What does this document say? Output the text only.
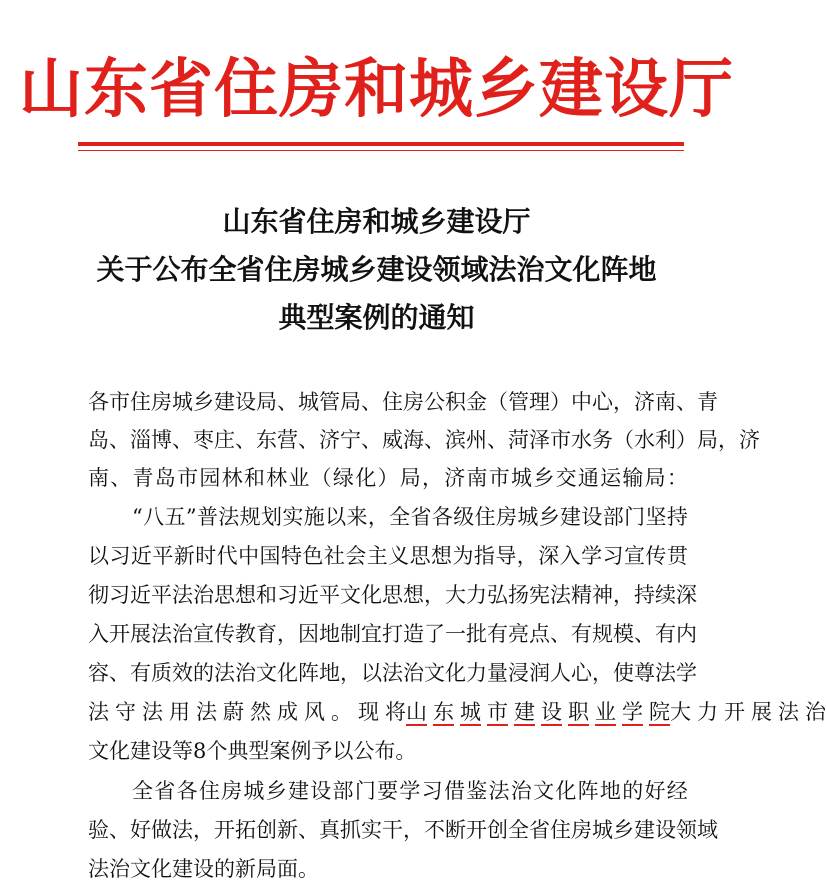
山东省住房和城乡建设厅
山东省住房和城乡建设厅
关于公布全省住房城乡建设领域法治文化阵地
典型案例的通知
各 市 住 房 城 乡 建 设 局 、 城 管 局 、 住 房 公 积 金 （ 管 理 ） 中 心 ， 济 南 、 青
岛 、 淄 博 、 枣 庄 、 东 营 、 济 宁 、 威 海 、 滨 州 、 菏 泽 市 水 务 （ 水 利 ） 局 ， 济
南 、 青 岛 市 园 林 和 林 业 （ 绿 化 ） 局 ， 济 南 市 城 乡 交 通 运 输 局 ：
“ 八 五 ” 普 法 规 划 实 施 以 来 ， 全 省 各 级 住 房 城 乡 建 设 部 门 坚 持
以 习 近 平 新 时 代 中 国 特 色 社 会 主 义 思 想 为 指 导 ， 深 入 学 习 宣 传 贯
彻 习 近 平 法 治 思 想 和 习 近 平 文 化 思 想 ， 大 力 弘 扬 宪 法 精 神 ， 持 续 深
入 开 展 法 治 宣 传 教 育 ， 因 地 制 宜 打 造 了 一 批 有 亮 点 、 有 规 模 、 有 内
容 、 有 质 效 的 法 治 文 化 阵 地 ， 以 法 治 文 化 力 量 浸 润 人 心 ， 使 尊 法 学
法 守 法 用 法 蔚 然 成 风 。 现 将 山 东 城 市 建 设 职 业 学 院 大 力 开 展 法 治
文 化 建 设 等 8 个 典 型 案 例 予 以 公 布 。
全 省 各 住 房 城 乡 建 设 部 门 要 学 习 借 鉴 法 治 文 化 阵 地 的 好 经
验 、 好 做 法 ， 开 拓 创 新 、 真 抓 实 干 ， 不 断 开 创 全 省 住 房 城 乡 建 设 领 域
法 治 文 化 建 设 的 新 局 面 。
